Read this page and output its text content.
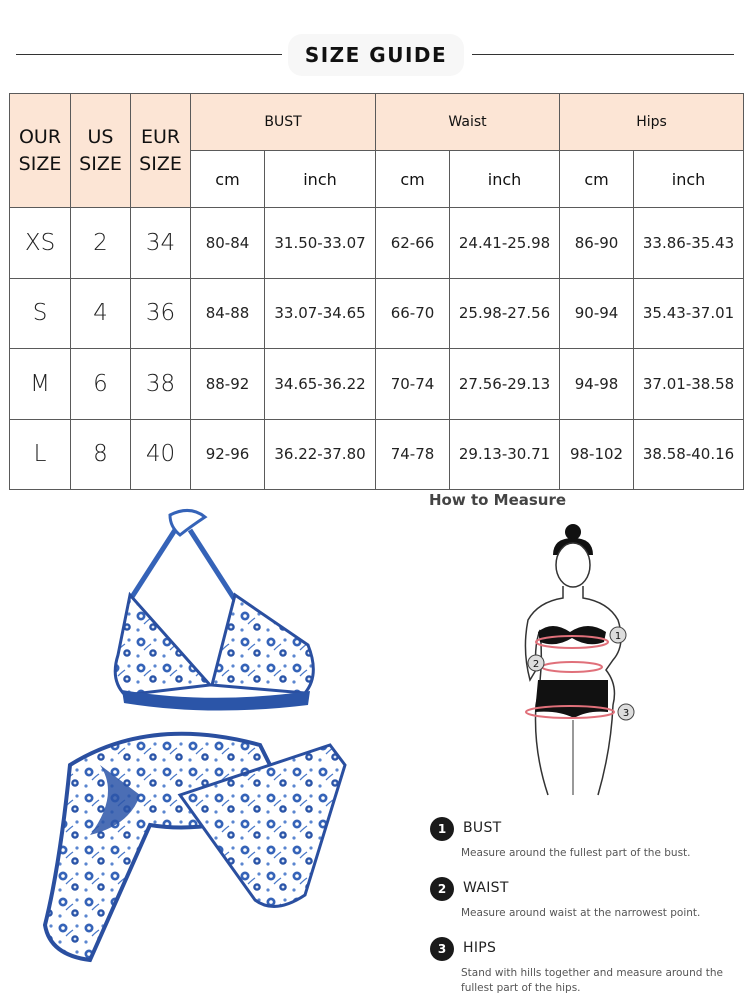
SIZE GUIDE
OUR SIZE	US SIZE	EUR SIZE	BUST		Waist		Hips	
			cm	inch	cm	inch	cm	inch
XS	2	34	80-84	31.50-33.07	62-66	24.41-25.98	86-90	33.86-35.43
S	4	36	84-88	33.07-34.65	66-70	25.98-27.56	90-94	35.43-37.01
M	6	38	88-92	34.65-36.22	70-74	27.56-29.13	94-98	37.01-38.58
L	8	40	92-96	36.22-37.80	74-78	29.13-30.71	98-102	38.58-40.16
How to Measure
1
2
3
1	BUST
Measure around the fullest part of the bust.
2	WAIST
Measure around waist at the narrowest point.
3	HIPS
Stand with hills together and measure around the fullest part of the hips.
